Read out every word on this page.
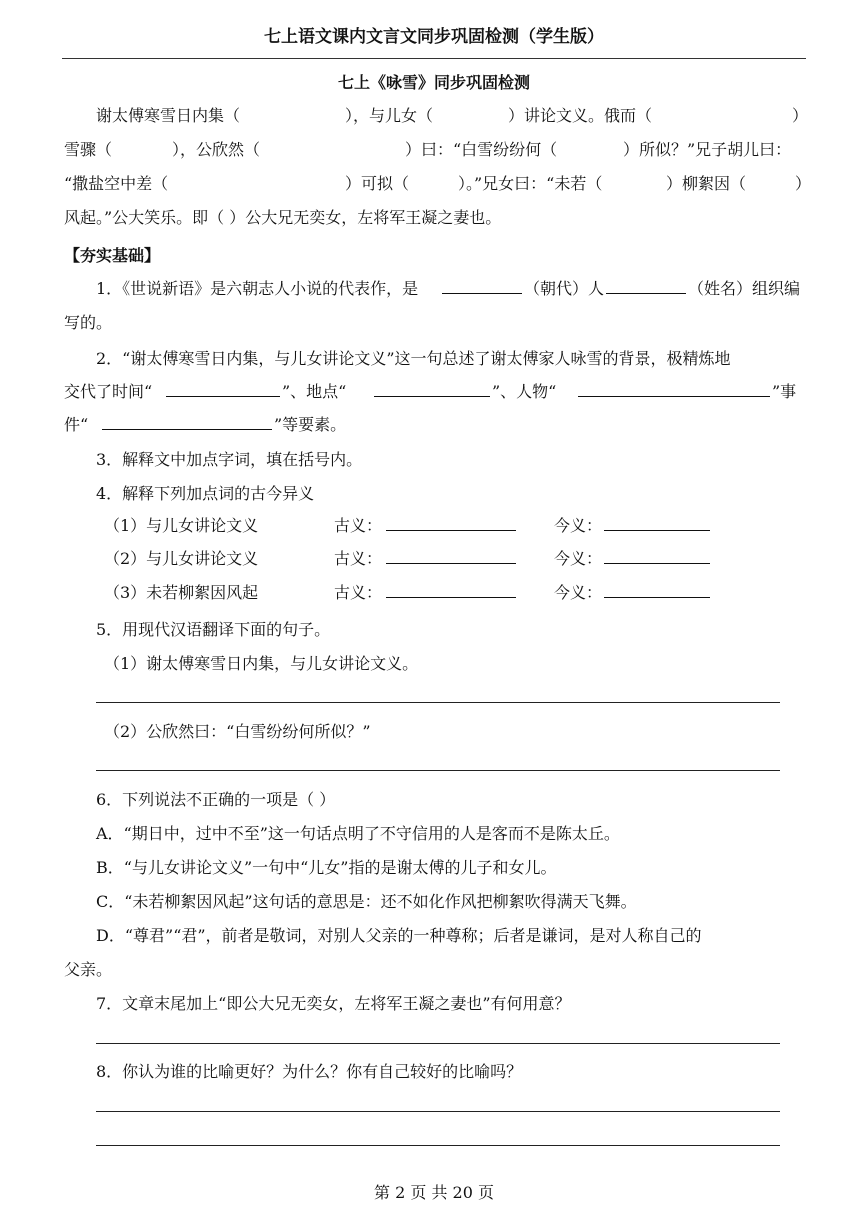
七上语文课内文言文同步巩固检测（学生版）
七上《咏雪》同步巩固检测
谢太傅寒雪日内集（	），与儿女（	）讲论文义。俄而（	）
雪骤（	），公欣然（	）曰：“白雪纷纷何（	）所似？”兄子胡儿曰：
“撒盐空中差（	）可拟（	）。”兄女曰：“未若（	）柳絮因（	）
风起。”公大笑乐。即（ ）公大兄无奕女，左将军王凝之妻也。
【夯实基础】
1．《世说新语》是六朝志人小说的代表作，是	（朝代）人	（姓名）组织编
写的。
2．“谢太傅寒雪日内集，与儿女讲论文义”这一句总述了谢太傅家人咏雪的背景，极精炼地
交代了时间“	”、地点“	”、人物“	”事
件“	”等要素。
3．解释文中加点字词，填在括号内。
4．解释下列加点词的古今异义
（1）与儿女讲论文义	古义：	今义：
（2）与儿女讲论文义	古义：	今义：
（3）未若柳絮因风起	古义：	今义：
5．用现代汉语翻译下面的句子。
（1）谢太傅寒雪日内集，与儿女讲论文义。
（2）公欣然曰：“白雪纷纷何所似？”
6．下列说法不正确的一项是（ ）
A．“期日中，过中不至”这一句话点明了不守信用的人是客而不是陈太丘。
B．“与儿女讲论文义”一句中“儿女”指的是谢太傅的儿子和女儿。
C．“未若柳絮因风起”这句话的意思是：还不如化作风把柳絮吹得满天飞舞。
D．“尊君”“君”，前者是敬词，对别人父亲的一种尊称；后者是谦词，是对人称自己的
父亲。
7．文章末尾加上“即公大兄无奕女，左将军王凝之妻也”有何用意？
8．你认为谁的比喻更好？为什么？你有自己较好的比喻吗？
第 2 页 共 20 页
